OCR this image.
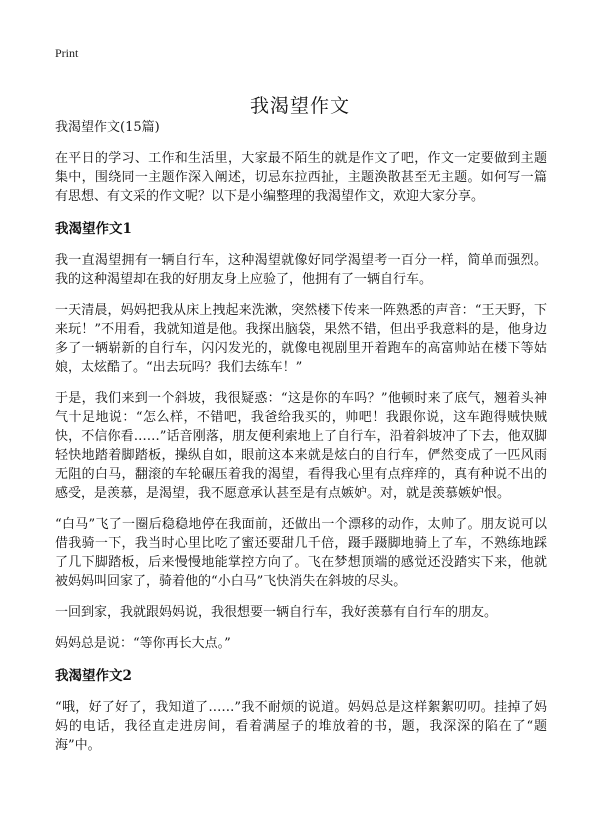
Print
我渴望作文
我渴望作文(15篇)

在平日的学习、工作和生活里，大家最不陌生的就是作文了吧，作文一定要做到主题集中，围绕同一主题作深入阐述，切忌东拉西扯，主题涣散甚至无主题。如何写一篇有思想、有文采的作文呢？以下是小编整理的我渴望作文，欢迎大家分享。

我渴望作文1

我一直渴望拥有一辆自行车，这种渴望就像好同学渴望考一百分一样，简单而强烈。我的这种渴望却在我的好朋友身上应验了，他拥有了一辆自行车。

一天清晨，妈妈把我从床上拽起来洗漱，突然楼下传来一阵熟悉的声音：“王天野，下来玩！”不用看，我就知道是他。我探出脑袋，果然不错，但出乎我意料的是，他身边多了一辆崭新的自行车，闪闪发光的，就像电视剧里开着跑车的高富帅站在楼下等姑娘，太炫酷了。“出去玩吗？我们去练车！”

于是，我们来到一个斜坡，我很疑惑：“这是你的车吗？”他顿时来了底气，翘着头神气十足地说：“怎么样，不错吧，我爸给我买的，帅吧！我跟你说，这车跑得贼快贼快，不信你看……”话音刚落，朋友便利索地上了自行车，沿着斜坡冲了下去，他双脚轻快地踏着脚踏板，操纵自如，眼前这本来就是炫白的自行车，俨然变成了一匹风雨无阻的白马，翻滚的车轮碾压着我的渴望，看得我心里有点痒痒的，真有种说不出的感受，是羡慕，是渴望，我不愿意承认甚至是有点嫉妒。对，就是羡慕嫉妒恨。

“白马”飞了一圈后稳稳地停在我面前，还做出一个漂移的动作，太帅了。朋友说可以借我骑一下，我当时心里比吃了蜜还要甜几千倍，蹑手蹑脚地骑上了车，不熟练地踩了几下脚踏板，后来慢慢地能掌控方向了。飞在梦想顶端的感觉还没踏实下来，他就被妈妈叫回家了，骑着他的“小白马”飞快消失在斜坡的尽头。

一回到家，我就跟妈妈说，我很想要一辆自行车，我好羡慕有自行车的朋友。

妈妈总是说：“等你再长大点。”

我渴望作文2

“哦，好了好了，我知道了……”我不耐烦的说道。妈妈总是这样絮絮叨叨。挂掉了妈妈的电话，我径直走进房间，看着满屋子的堆放着的书，题，我深深的陷在了“题海”中。
